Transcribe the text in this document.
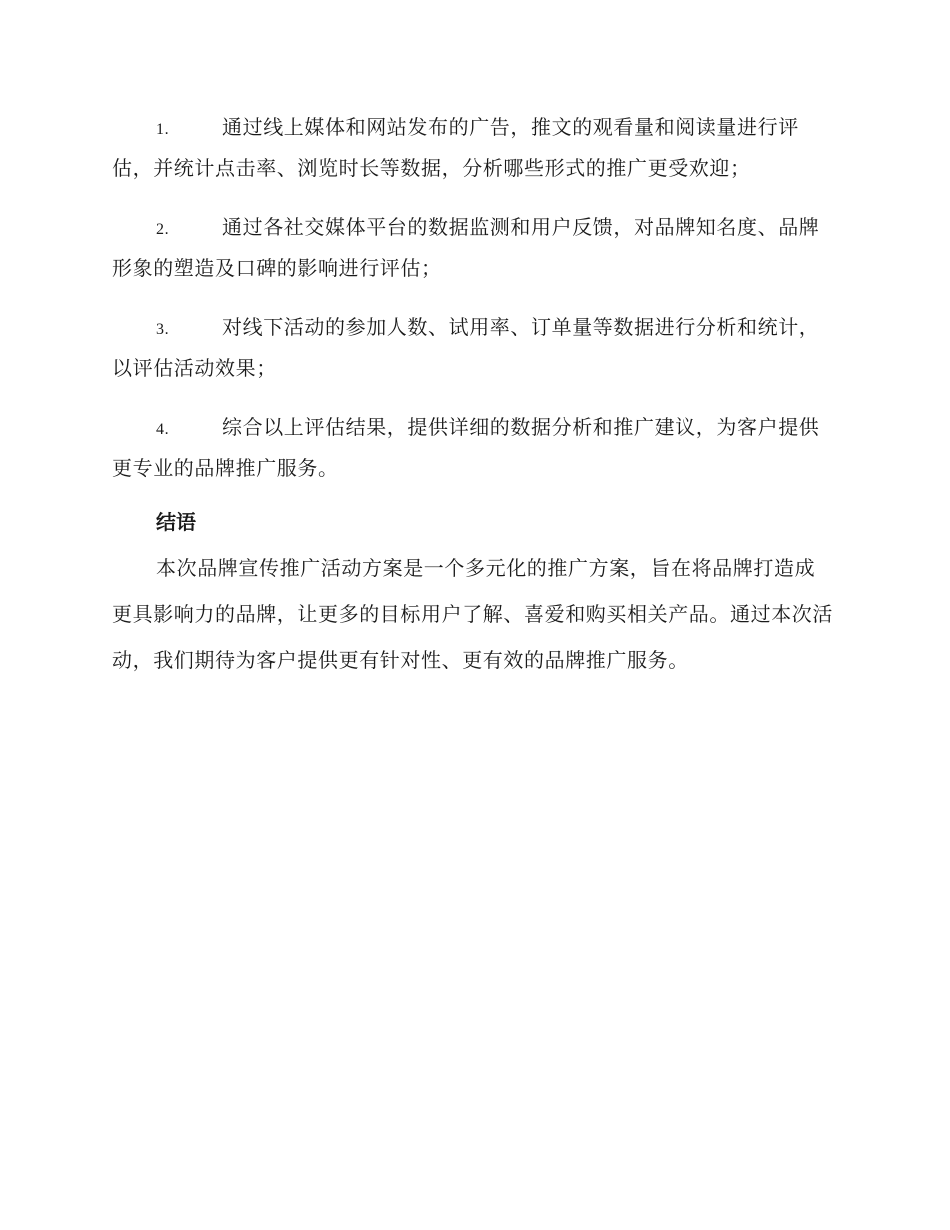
1.	通过线上媒体和网站发布的广告，推文的观看量和阅读量进行评估，并统计点击率、浏览时长等数据，分析哪些形式的推广更受欢迎；
2.	通过各社交媒体平台的数据监测和用户反馈，对品牌知名度、品牌形象的塑造及口碑的影响进行评估；
3.	对线下活动的参加人数、试用率、订单量等数据进行分析和统计，以评估活动效果；
4.	综合以上评估结果，提供详细的数据分析和推广建议，为客户提供更专业的品牌推广服务。
结语

本次品牌宣传推广活动方案是一个多元化的推广方案，旨在将品牌打造成更具影响力的品牌，让更多的目标用户了解、喜爱和购买相关产品。通过本次活动，我们期待为客户提供更有针对性、更有效的品牌推广服务。
